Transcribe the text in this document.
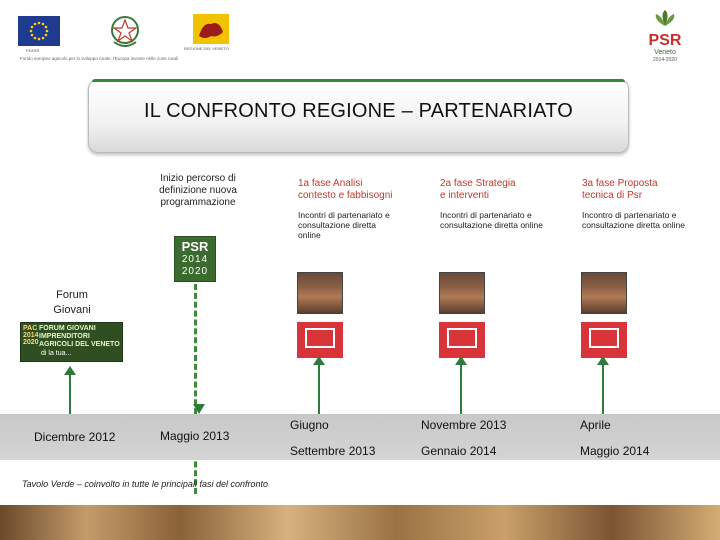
FEASR	REGIONE DEL VENETO
Fondo europeo agricolo per lo sviluppo rurale: l'Europa investe nelle zone rurali
PSR
Veneto
2014-2020
IL CONFRONTO REGIONE – PARTENARIATO
Inizio percorso di definizione nuova programmazione
PSR
2014
2020
1a fase Analisi contesto e fabbisogni
Incontri di partenariato e consultazione diretta online
2a fase Strategia e interventi
Incontri di partenariato e consultazione diretta online
3a fase Proposta tecnica di Psr
Incontro di partenariato e consultazione diretta online
Forum Giovani
PAC 2014 2020
FORUM GIOVANI IMPRENDITORI AGRICOLI DEL VENETO
di la tua...
Dicembre 2012	Maggio 2013
Giugno
Settembre 2013
Novembre 2013
Gennaio 2014
Aprile
Maggio 2014
Tavolo Verde – coinvolto in tutte le principali fasi del confronto
